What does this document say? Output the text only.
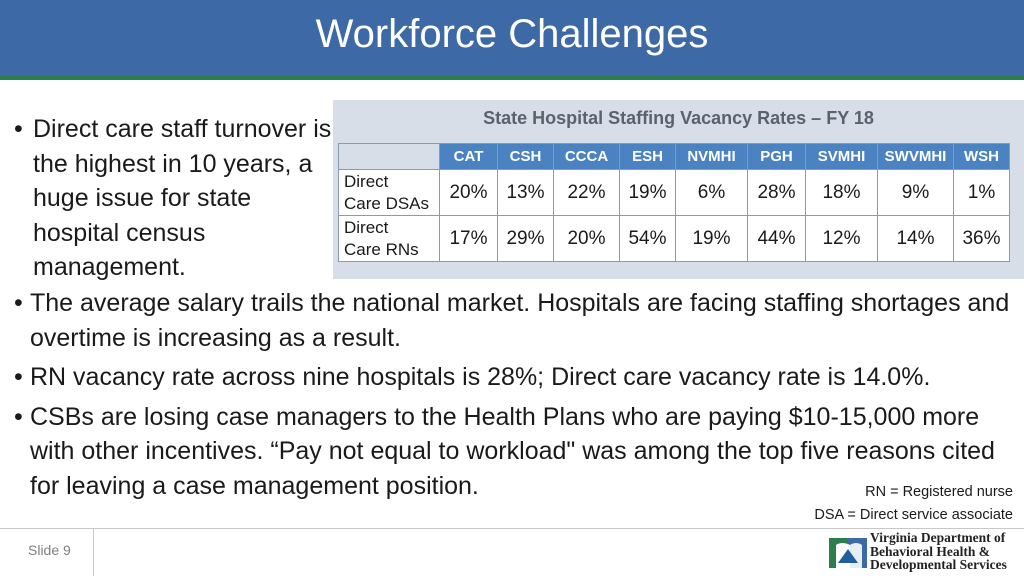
Workforce Challenges
• Direct care staff turnover is the highest in 10 years, a huge issue for state hospital census management.
State Hospital Staffing Vacancy Rates – FY 18
	CAT	CSH	CCCA	ESH	NVMHI	PGH	SVMHI	SWVMHI	WSH
Direct
Care DSAs	20%	13%	22%	19%	6%	28%	18%	9%	1%
Direct
Care RNs	17%	29%	20%	54%	19%	44%	12%	14%	36%
• The average salary trails the national market. Hospitals are facing staffing shortages and overtime is increasing as a result.
• RN vacancy rate across nine hospitals is 28%; Direct care vacancy rate is 14.0%.
• CSBs are losing case managers to the Health Plans who are paying $10-15,000 more with other incentives. “Pay not equal to workload" was among the top five reasons cited for leaving a case management position.	RN = Registered nurse
DSA = Direct service associate
Slide 9
Virginia Department of
Behavioral Health &
Developmental Services
